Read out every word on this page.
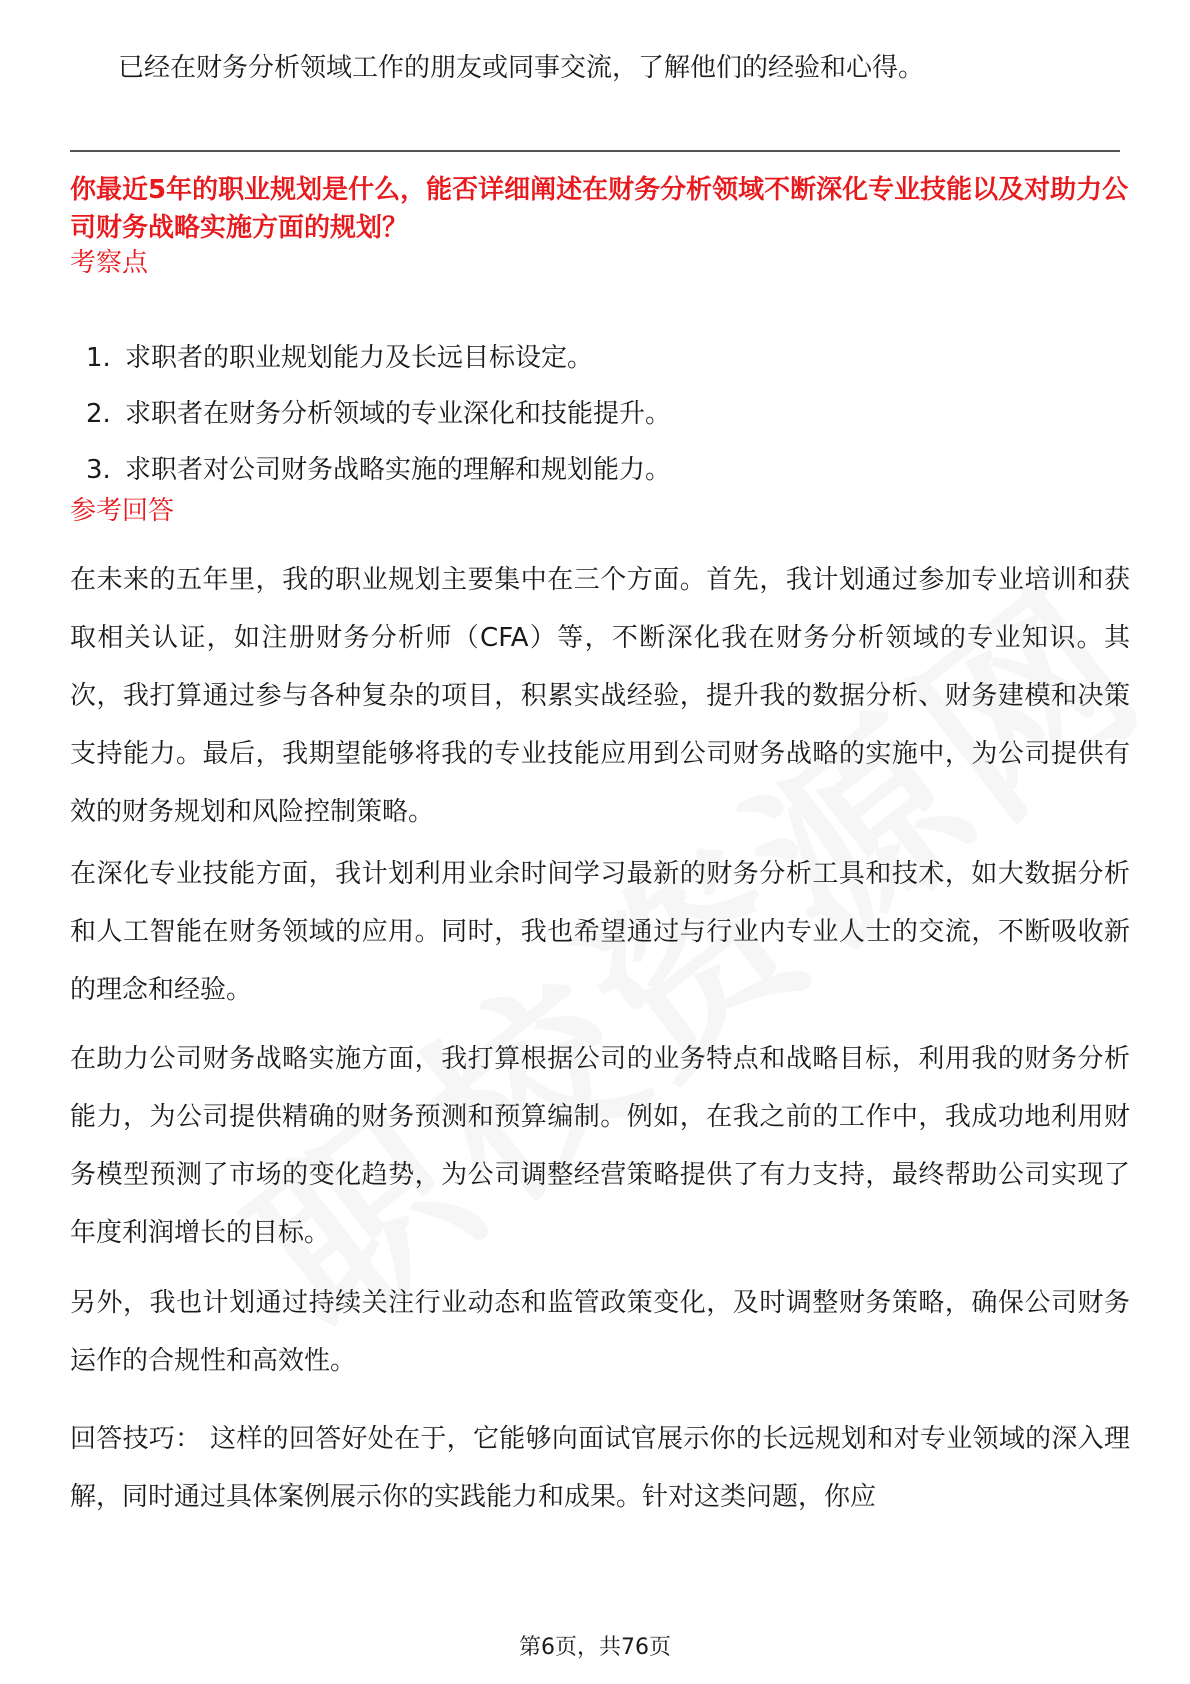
已经在财务分析领域工作的朋友或同事交流，了解他们的经验和心得。
你最近5年的职业规划是什么，能否详细阐述在财务分析领域不断深化专业技能以及对助力公司财务战略实施方面的规划？
考察点
1. 求职者的职业规划能力及长远目标设定。
2. 求职者在财务分析领域的专业深化和技能提升。
3. 求职者对公司财务战略实施的理解和规划能力。
参考回答

在未来的五年里，我的职业规划主要集中在三个方面。首先，我计划通过参加专业培训和获取相关认证，如注册财务分析师（CFA）等，不断深化我在财务分析领域的专业知识。其次，我打算通过参与各种复杂的项目，积累实战经验，提升我的数据分析、财务建模和决策支持能力。最后，我期望能够将我的专业技能应用到公司财务战略的实施中，为公司提供有效的财务规划和风险控制策略。

在深化专业技能方面，我计划利用业余时间学习最新的财务分析工具和技术，如大数据分析和人工智能在财务领域的应用。同时，我也希望通过与行业内专业人士的交流，不断吸收新的理念和经验。

在助力公司财务战略实施方面，我打算根据公司的业务特点和战略目标，利用我的财务分析能力，为公司提供精确的财务预测和预算编制。例如，在我之前的工作中，我成功地利用财务模型预测了市场的变化趋势，为公司调整经营策略提供了有力支持，最终帮助公司实现了年度利润增长的目标。

另外，我也计划通过持续关注行业动态和监管政策变化，及时调整财务策略，确保公司财务运作的合规性和高效性。

回答技巧： 这样的回答好处在于，它能够向面试官展示你的长远规划和对专业领域的深入理解，同时通过具体案例展示你的实践能力和成果。针对这类问题，你应

第6页，共76页
